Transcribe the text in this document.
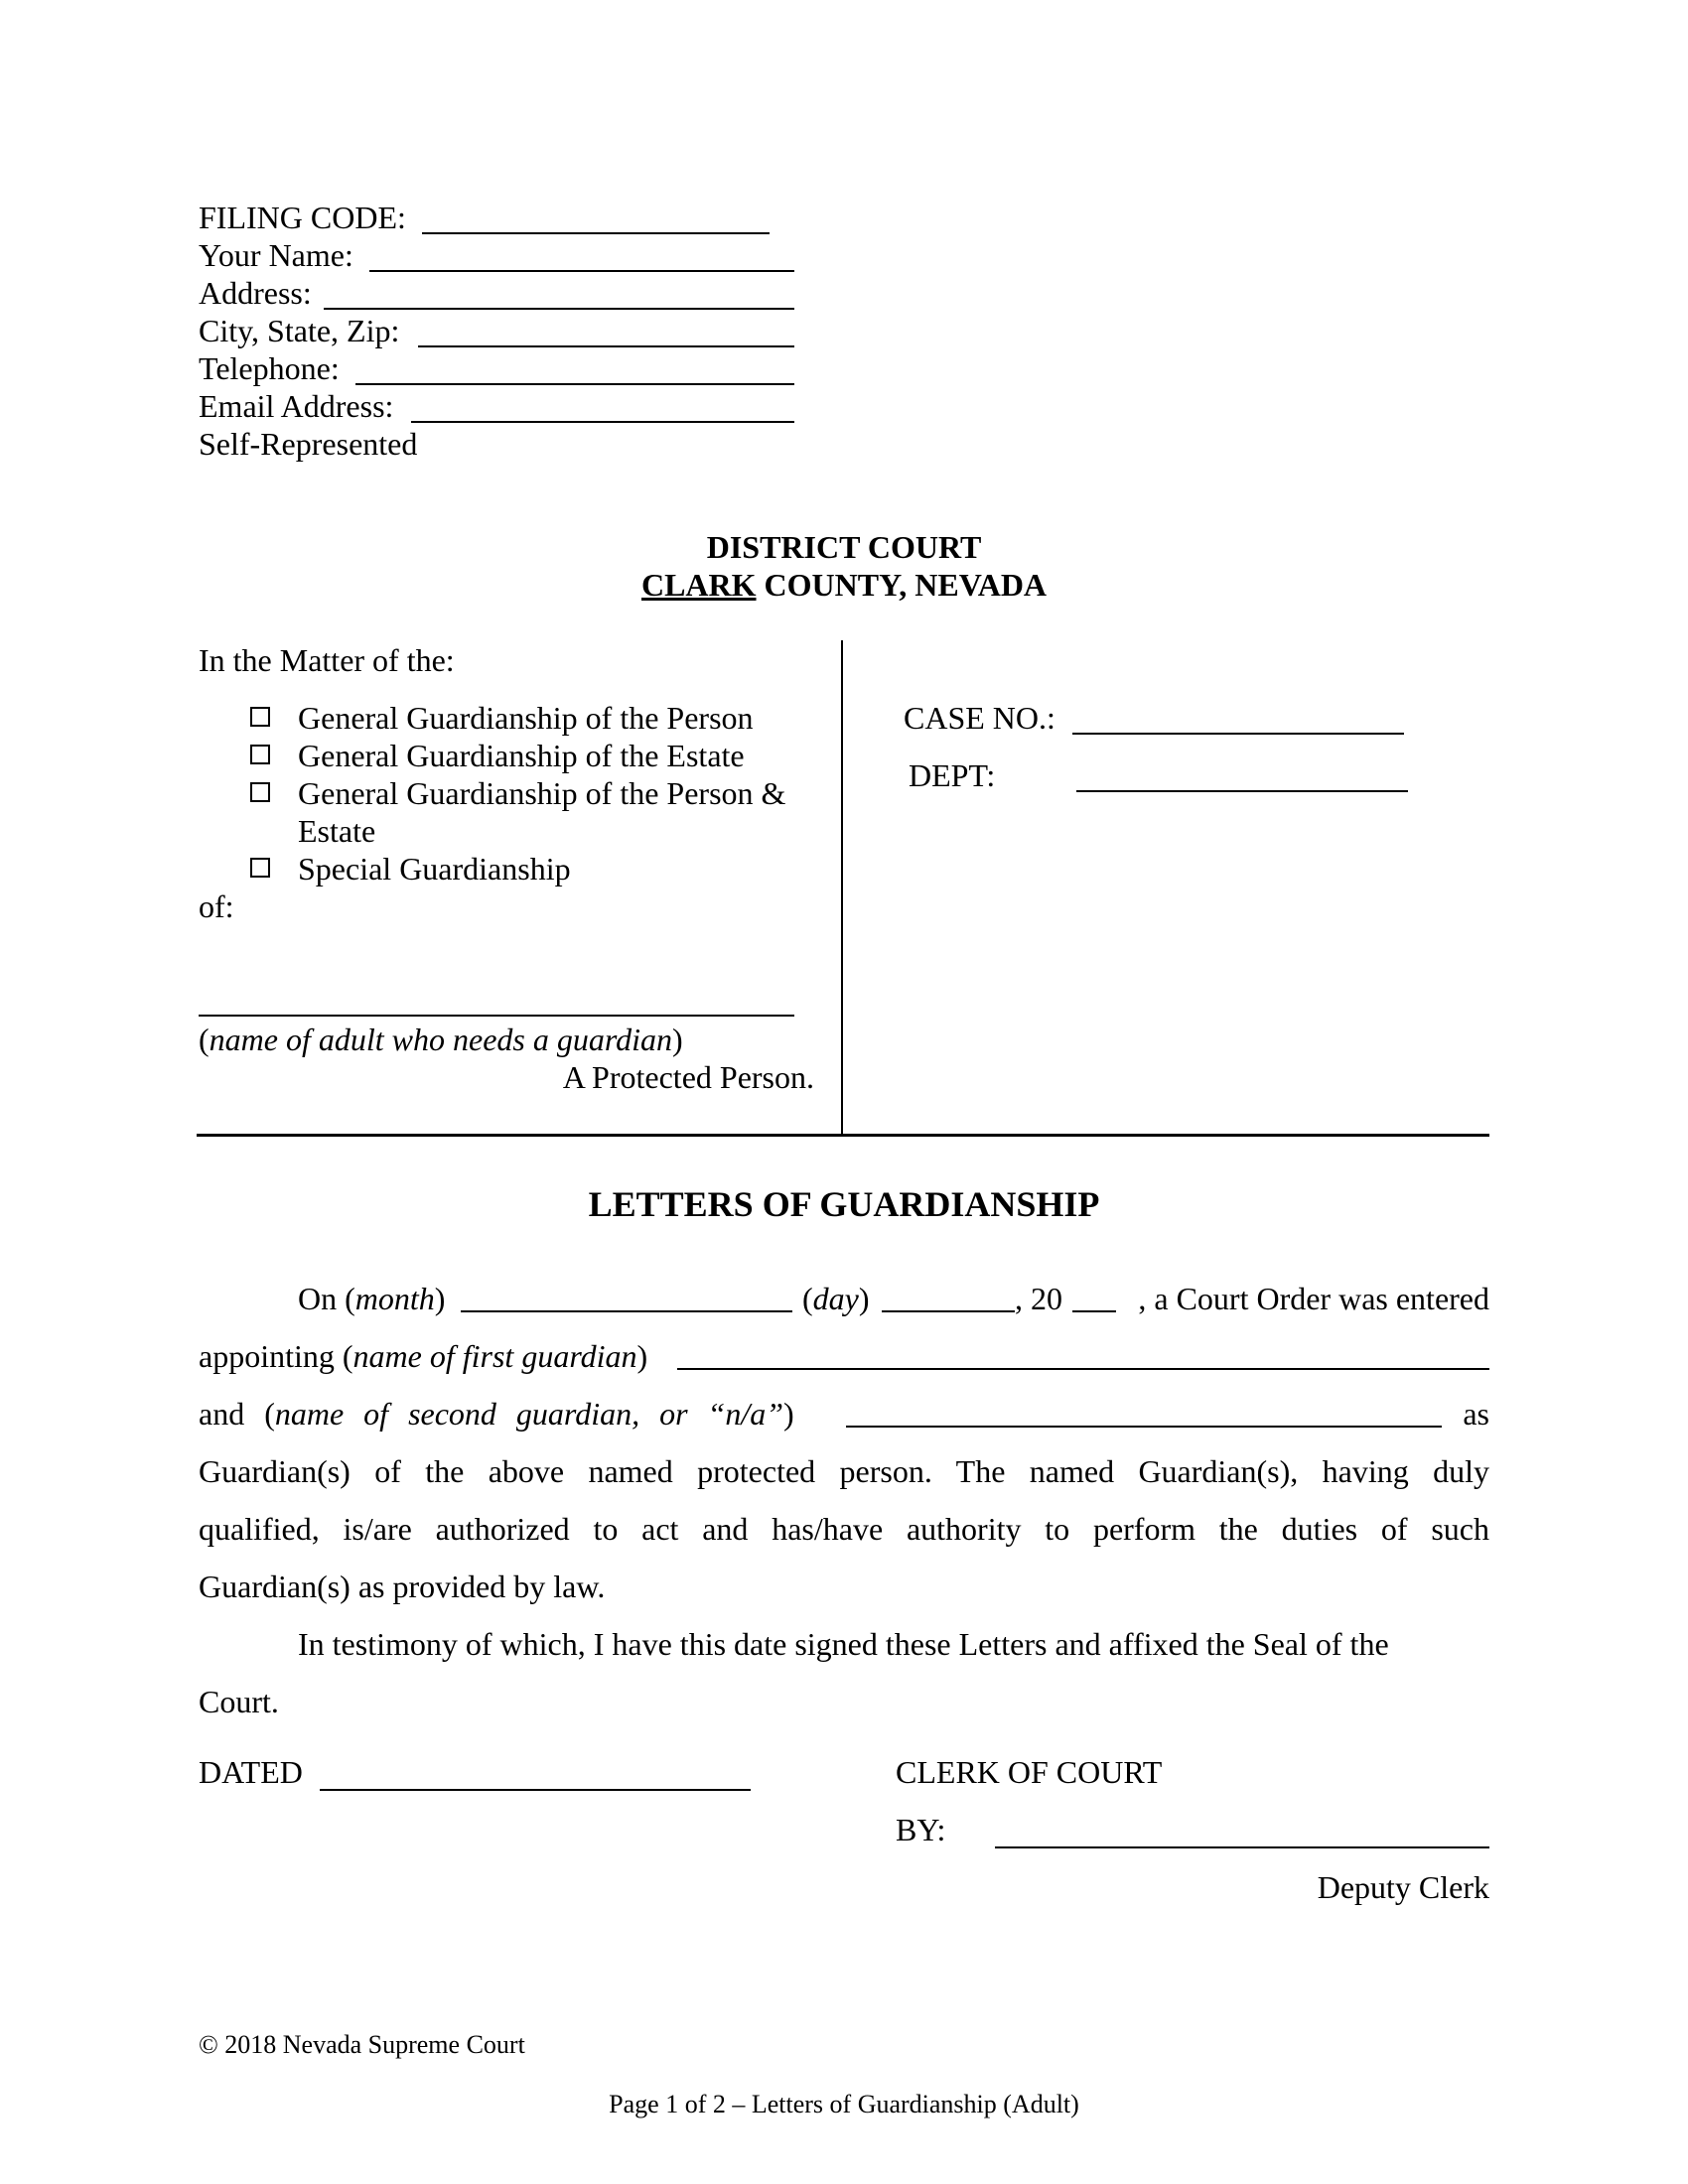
FILING CODE:
Your Name:
Address:
City, State, Zip:
Telephone:
Email Address:
Self-Represented
DISTRICT COURT
CLARK COUNTY, NEVADA
In the Matter of the:
General Guardianship of the Person
General Guardianship of the Estate
General Guardianship of the Person &
Estate
Special Guardianship
of:
(name of adult who needs a guardian)
A Protected Person.
CASE NO.:
DEPT:
LETTERS OF GUARDIANSHIP
On (month)	(day)	, 20 , a Court Order was entered
appointing (name of first guardian)
and (name of second guardian, or “n/a”)	as
Guardian(s) of the above named protected person. The named Guardian(s), having duly
qualified, is/are authorized to act and has/have authority to perform the duties of such
Guardian(s) as provided by law.
In testimony of which, I have this date signed these Letters and affixed the Seal of the
Court.
DATED	CLERK OF COURT
BY:
Deputy Clerk
© 2018 Nevada Supreme Court
Page 1 of 2 – Letters of Guardianship (Adult)
